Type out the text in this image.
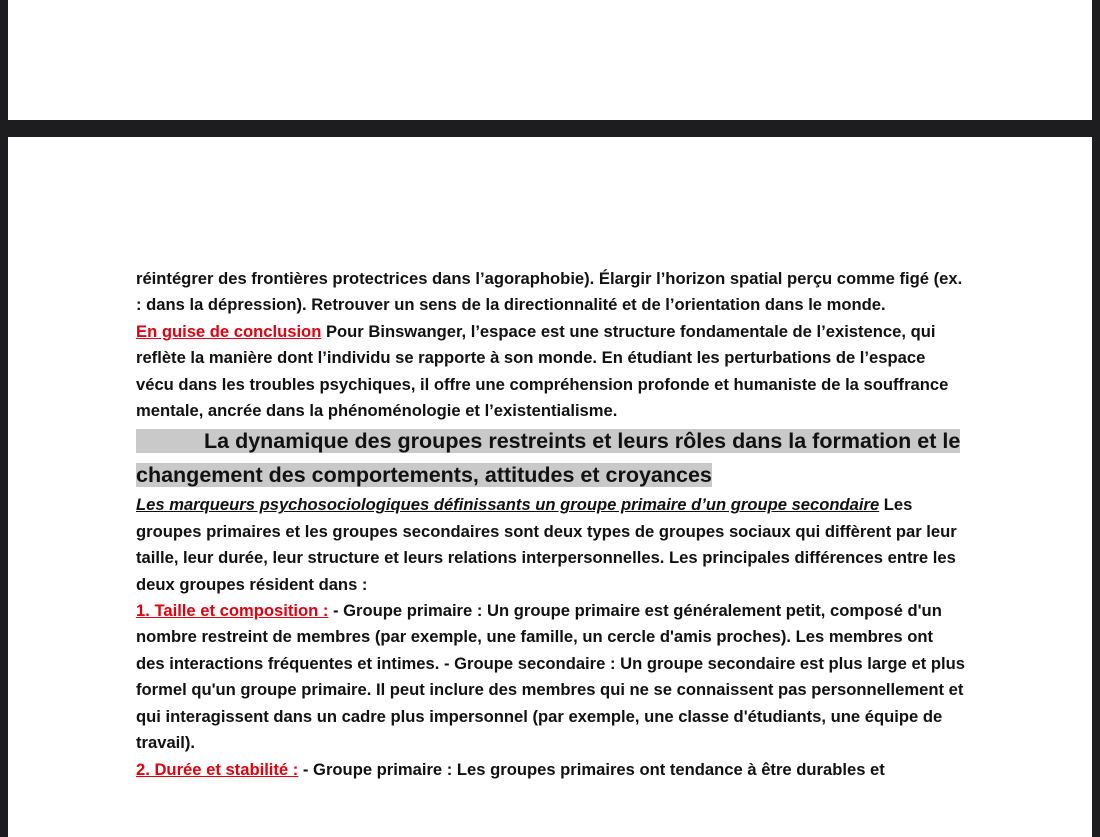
réintégrer des frontières protectrices dans l’agoraphobie). Élargir l’horizon spatial perçu comme figé (ex. : dans la dépression). Retrouver un sens de la directionnalité et de l’orientation dans le monde.

En guise de conclusion Pour Binswanger, l’espace est une structure fondamentale de l’existence, qui reflète la manière dont l’individu se rapporte à son monde. En étudiant les perturbations de l’espace vécu dans les troubles psychiques, il offre une compréhension profonde et humaniste de la souffrance mentale, ancrée dans la phénoménologie et l’existentialisme.

La dynamique des groupes restreints et leurs rôles dans la formation et le changement des comportements, attitudes et croyances

Les marqueurs psychosociologiques définissants un groupe primaire d’un groupe secondaire Les groupes primaires et les groupes secondaires sont deux types de groupes sociaux qui diffèrent par leur taille, leur durée, leur structure et leurs relations interpersonnelles. Les principales différences entre les deux groupes résident dans :

1. Taille et composition : - Groupe primaire : Un groupe primaire est généralement petit, composé d'un nombre restreint de membres (par exemple, une famille, un cercle d'amis proches). Les membres ont des interactions fréquentes et intimes. - Groupe secondaire : Un groupe secondaire est plus large et plus formel qu'un groupe primaire. Il peut inclure des membres qui ne se connaissent pas personnellement et qui interagissent dans un cadre plus impersonnel (par exemple, une classe d'étudiants, une équipe de travail).

2. Durée et stabilité : - Groupe primaire : Les groupes primaires ont tendance à être durables et
